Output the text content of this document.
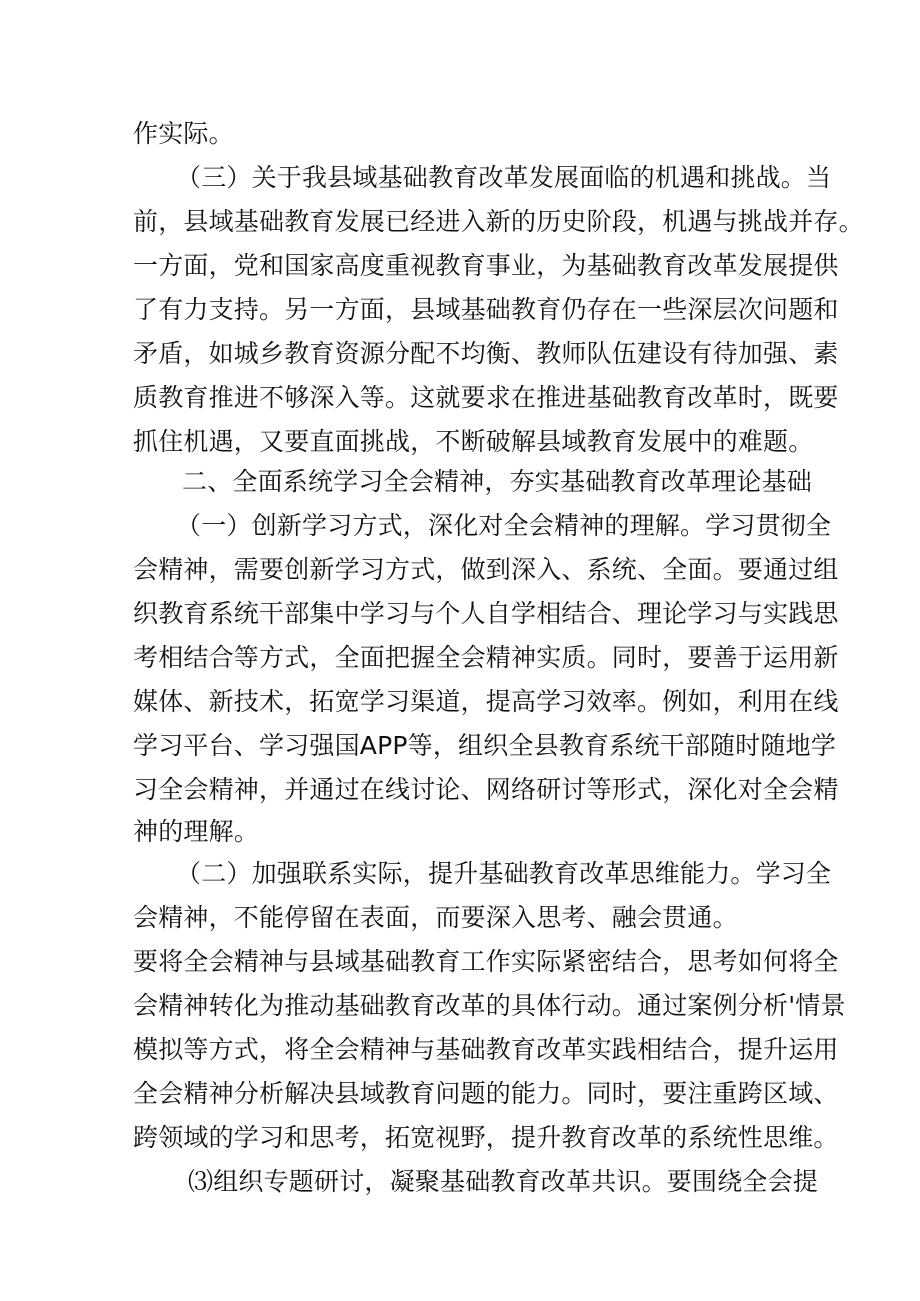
作实际。
（三）关于我县域基础教育改革发展面临的机遇和挑战。当
前，县域基础教育发展已经进入新的历史阶段，机遇与挑战并存。
一方面，党和国家高度重视教育事业，为基础教育改革发展提供
了有力支持。另一方面，县域基础教育仍存在一些深层次问题和
矛盾，如城乡教育资源分配不均衡、教师队伍建设有待加强、素
质教育推进不够深入等。这就要求在推进基础教育改革时，既要
抓住机遇，又要直面挑战，不断破解县域教育发展中的难题。
二、全面系统学习全会精神，夯实基础教育改革理论基础
（一）创新学习方式，深化对全会精神的理解。学习贯彻全
会精神，需要创新学习方式，做到深入、系统、全面。要通过组
织教育系统干部集中学习与个人自学相结合、理论学习与实践思
考相结合等方式，全面把握全会精神实质。同时，要善于运用新
媒体、新技术，拓宽学习渠道，提高学习效率。例如，利用在线
学习平台、学习强国APP等，组织全县教育系统干部随时随地学
习全会精神，并通过在线讨论、网络研讨等形式，深化对全会精
神的理解。
（二）加强联系实际，提升基础教育改革思维能力。学习全
会精神，不能停留在表面，而要深入思考、融会贯通。
要将全会精神与县域基础教育工作实际紧密结合，思考如何将全
会精神转化为推动基础教育改革的具体行动。通过案例分析'情景
模拟等方式，将全会精神与基础教育改革实践相结合，提升运用
全会精神分析解决县域教育问题的能力。同时，要注重跨区域、
跨领域的学习和思考，拓宽视野，提升教育改革的系统性思维。
⑶组织专题研讨，凝聚基础教育改革共识。要围绕全会提
